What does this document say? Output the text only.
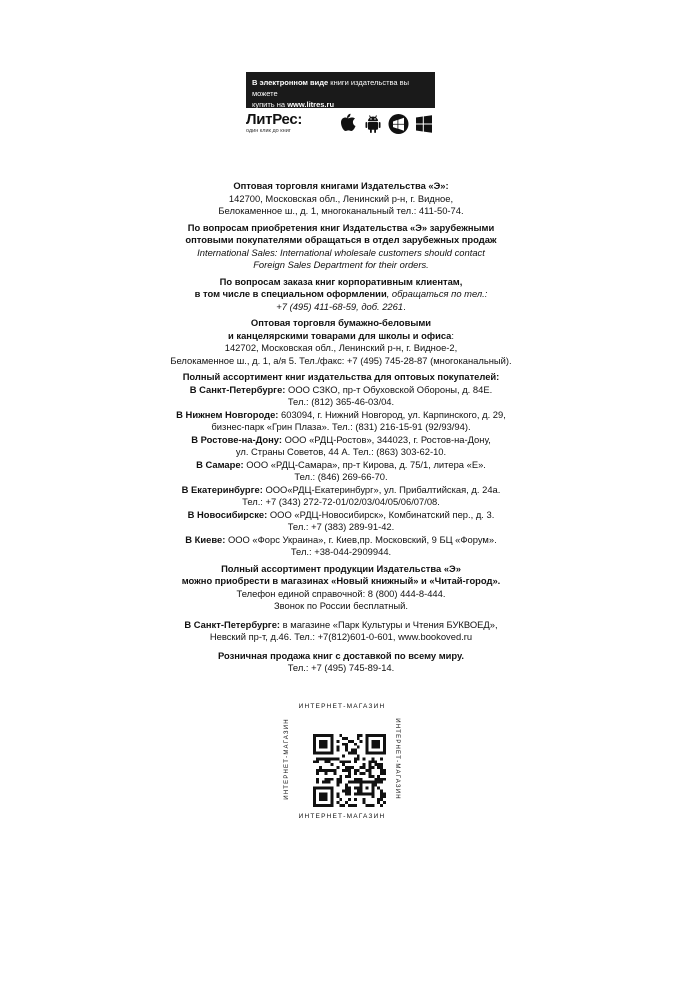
В электронном виде книги издательства вы можете
купить на www.litres.ru
ЛитРес:
один клик до книг
Оптовая торговля книгами Издательства «Э»:
142700, Московская обл., Ленинский р-н, г. Видное,
Белокаменное ш., д. 1, многоканальный тел.: 411-50-74.
По вопросам приобретения книг Издательства «Э» зарубежными
оптовыми покупателями обращаться в отдел зарубежных продаж
International Sales: International wholesale customers should contact
Foreign Sales Department for their orders.
По вопросам заказа книг корпоративным клиентам,
в том числе в специальном оформлении, обращаться по тел.:
+7 (495) 411-68-59, доб. 2261.
Оптовая торговля бумажно-беловыми
и канцелярскими товарами для школы и офиса:
142702, Московская обл., Ленинский р-н, г. Видное-2,
Белокаменное ш., д. 1, а/я 5. Тел./факс: +7 (495) 745-28-87 (многоканальный).
Полный ассортимент книг издательства для оптовых покупателей:
В Санкт-Петербурге: ООО СЗКО, пр-т Обуховской Обороны, д. 84Е.
Тел.: (812) 365-46-03/04.
В Нижнем Новгороде: 603094, г. Нижний Новгород, ул. Карпинского, д. 29,
бизнес-парк «Грин Плаза». Тел.: (831) 216-15-91 (92/93/94).
В Ростове-на-Дону: ООО «РДЦ-Ростов», 344023, г. Ростов-на-Дону,
ул. Страны Советов, 44 А. Тел.: (863) 303-62-10.
В Самаре: ООО «РДЦ-Самара», пр-т Кирова, д. 75/1, литера «Е».
Тел.: (846) 269-66-70.
В Екатеринбурге: ООО«РДЦ-Екатеринбург», ул. Прибалтийская, д. 24а.
Тел.: +7 (343) 272-72-01/02/03/04/05/06/07/08.
В Новосибирске: ООО «РДЦ-Новосибирск», Комбинатский пер., д. 3.
Тел.: +7 (383) 289-91-42.
В Киеве: ООО «Форс Украина», г. Киев,пр. Московский, 9 БЦ «Форум».
Тел.: +38-044-2909944.
Полный ассортимент продукции Издательства «Э»
можно приобрести в магазинах «Новый книжный» и «Читай-город».
Телефон единой справочной: 8 (800) 444-8-444.
Звонок по России бесплатный.
В Санкт-Петербурге: в магазине «Парк Культуры и Чтения БУКВОЕД»,
Невский пр-т, д.46. Тел.: +7(812)601-0-601, www.bookoved.ru
Розничная продажа книг с доставкой по всему миру.
Тел.: +7 (495) 745-89-14.
ИНТЕРНЕТ-МАГАЗИН
ИНТЕРНЕТ-МАГАЗИН	ИНТЕРНЕТ-МАГАЗИН
ИНТЕРНЕТ-МАГАЗИН
